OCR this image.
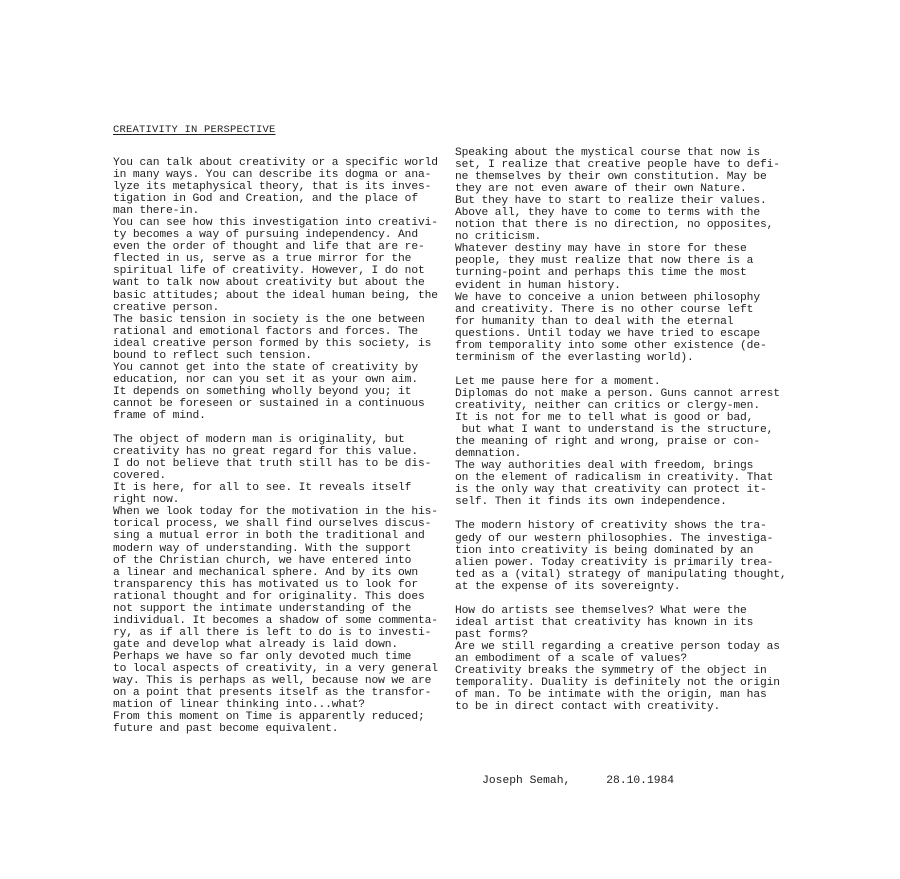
CREATIVITY IN PERSPECTIVE
You can talk about creativity or a specific world
in many ways. You can describe its dogma or ana-
lyze its metaphysical theory, that is its inves-
tigation in God and Creation, and the place of
man there-in.
You can see how this investigation into creativi-
ty becomes a way of pursuing independency. And
even the order of thought and life that are re-
flected in us, serve as a true mirror for the
spiritual life of creativity. However, I do not
want to talk now about creativity but about the
basic attitudes; about the ideal human being, the
creative person.
The basic tension in society is the one between
rational and emotional factors and forces. The
ideal creative person formed by this society, is
bound to reflect such tension.
You cannot get into the state of creativity by
education, nor can you set it as your own aim.
It depends on something wholly beyond you; it
cannot be foreseen or sustained in a continuous
frame of mind.
The object of modern man is originality, but
creativity has no great regard for this value.
I do not believe that truth still has to be dis-
covered.
It is here, for all to see. It reveals itself
right now.
When we look today for the motivation in the his-
torical process, we shall find ourselves discus-
sing a mutual error in both the traditional and
modern way of understanding. With the support
of the Christian church, we have entered into
a linear and mechanical sphere. And by its own
transparency this has motivated us to look for
rational thought and for originality. This does
not support the intimate understanding of the
individual. It becomes a shadow of some commenta-
ry, as if all there is left to do is to investi-
gate and develop what already is laid down.
Perhaps we have so far only devoted much time
to local aspects of creativity, in a very general
way. This is perhaps as well, because now we are
on a point that presents itself as the transfor-
mation of linear thinking into...what?
From this moment on Time is apparently reduced;
future and past become equivalent.
Speaking about the mystical course that now is
set, I realize that creative people have to defi-
ne themselves by their own constitution. May be
they are not even aware of their own Nature.
But they have to start to realize their values.
Above all, they have to come to terms with the
notion that there is no direction, no opposites,
no criticism.
Whatever destiny may have in store for these
people, they must realize that now there is a
turning-point and perhaps this time the most
evident in human history.
We have to conceive a union between philosophy
and creativity. There is no other course left
for humanity than to deal with the eternal
questions. Until today we have tried to escape
from temporality into some other existence (de-
terminism of the everlasting world).
Let me pause here for a moment.
Diplomas do not make a person. Guns cannot arrest
creativity, neither can critics or clergy-men.
It is not for me to tell what is good or bad,
but what I want to understand is the structure,
the meaning of right and wrong, praise or con-
demnation.
The way authorities deal with freedom, brings
on the element of radicalism in creativity. That
is the only way that creativity can protect it-
self. Then it finds its own independence.
The modern history of creativity shows the tra-
gedy of our western philosophies. The investiga-
tion into creativity is being dominated by an
alien power. Today creativity is primarily trea-
ted as a (vital) strategy of manipulating thought,
at the expense of its sovereignty.
How do artists see themselves? What were the
ideal artist that creativity has known in its
past forms?
Are we still regarding a creative person today as
an embodiment of a scale of values?
Creativity breaks the symmetry of the object in
temporality. Duality is definitely not the origin
of man. To be intimate with the origin, man has
to be in direct contact with creativity.

Joseph Semah,	28.10.1984
